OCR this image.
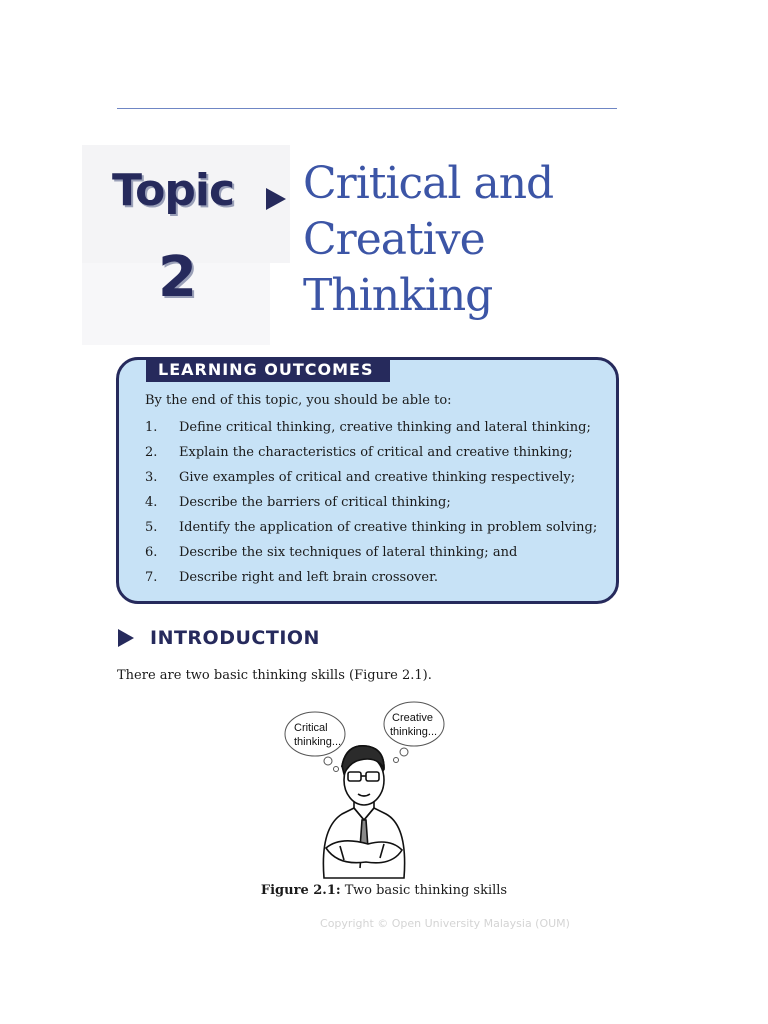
Topic
2
Critical and
Creative
Thinking
LEARNING OUTCOMES
By the end of this topic, you should be able to:
1.	Define critical thinking, creative thinking and lateral thinking;
2.	Explain the characteristics of critical and creative thinking;
3.	Give examples of critical and creative thinking respectively;
4.	Describe the barriers of critical thinking;
5.	Identify the application of creative thinking in problem solving;
6.	Describe the six techniques of lateral thinking; and
7.	Describe right and left brain crossover.
INTRODUCTION
There are two basic thinking skills (Figure 2.1).
Critical
thinking...
Creative
thinking...
Figure 2.1: Two basic thinking skills
Copyright © Open University Malaysia (OUM)
